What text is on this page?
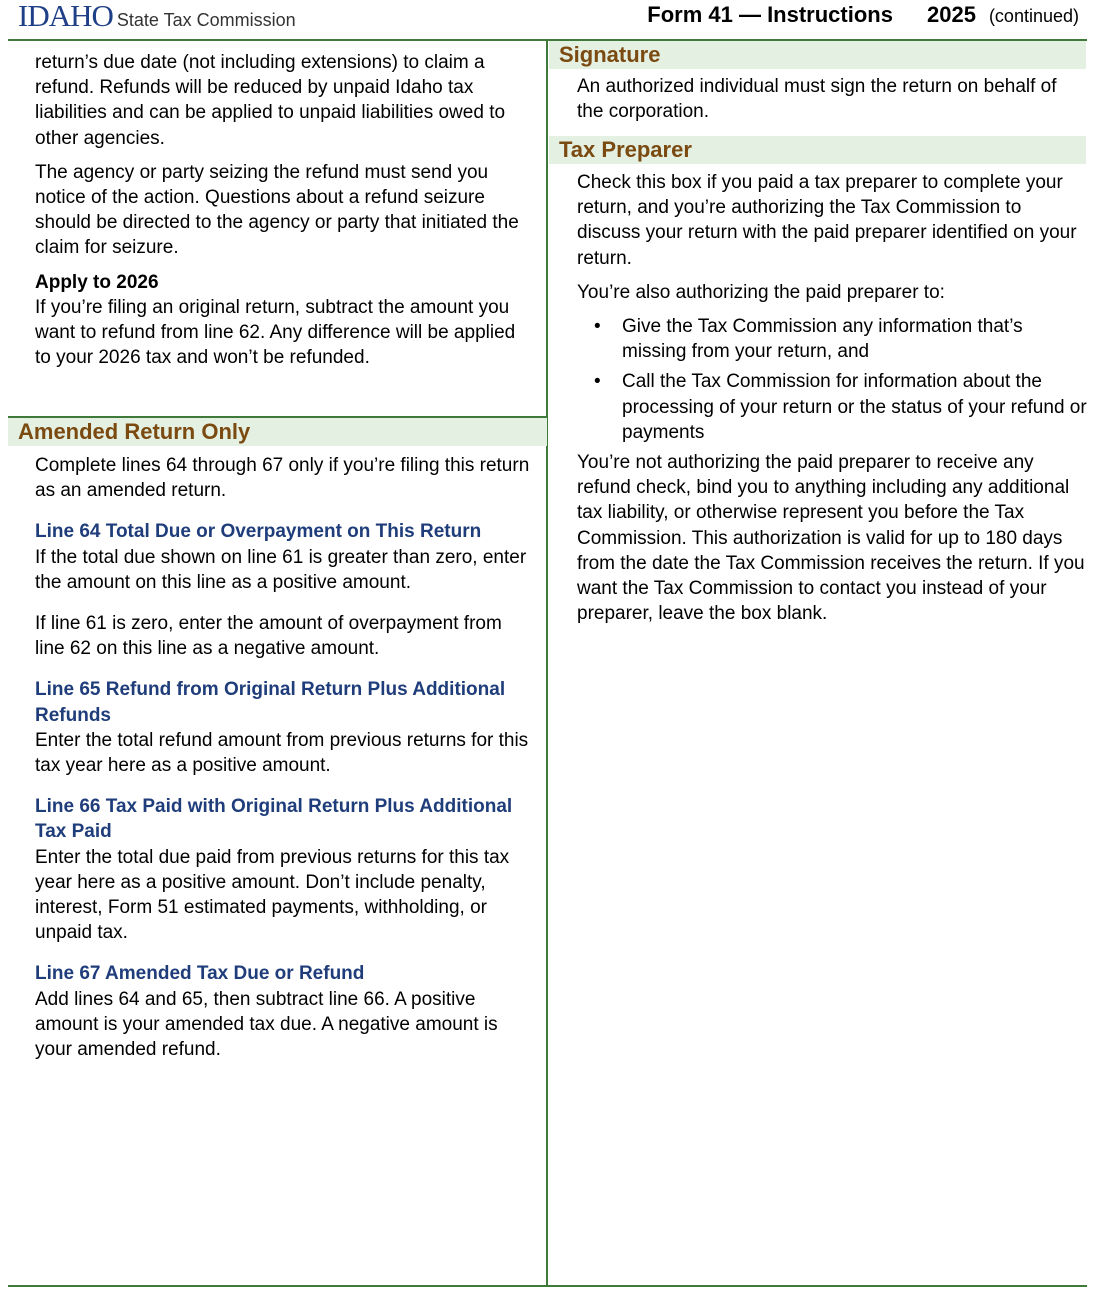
IDAHO State Tax Commission	Form 41 — Instructions 2025 (continued)

return’s due date (not including extensions) to claim a refund. Refunds will be reduced by unpaid Idaho tax liabilities and can be applied to unpaid liabilities owed to other agencies.

The agency or party seizing the refund must send you notice of the action. Questions about a refund seizure should be directed to the agency or party that initiated the claim for seizure.

Apply to 2026

If you’re filing an original return, subtract the amount you want to refund from line 62. Any difference will be applied to your 2026 tax and won’t be refunded.

Amended Return Only

Complete lines 64 through 67 only if you’re filing this return as an amended return.

Line 64 Total Due or Overpayment on This Return

If the total due shown on line 61 is greater than zero, enter the amount on this line as a positive amount.

If line 61 is zero, enter the amount of overpayment from line 62 on this line as a negative amount.

Line 65 Refund from Original Return Plus Additional Refunds

Enter the total refund amount from previous returns for this tax year here as a positive amount.

Line 66 Tax Paid with Original Return Plus Additional Tax Paid

Enter the total due paid from previous returns for this tax year here as a positive amount. Don’t include penalty, interest, Form 51 estimated payments, withholding, or unpaid tax.

Line 67 Amended Tax Due or Refund

Add lines 64 and 65, then subtract line 66. A positive amount is your amended tax due. A negative amount is your amended refund.

Signature

An authorized individual must sign the return on behalf of the corporation.

Tax Preparer

Check this box if you paid a tax preparer to complete your return, and you’re authorizing the Tax Commission to discuss your return with the paid preparer identified on your return.

You’re also authorizing the paid preparer to:

• Give the Tax Commission any information that’s missing from your return, and
• Call the Tax Commission for information about the processing of your return or the status of your refund or payments

You’re not authorizing the paid preparer to receive any refund check, bind you to anything including any additional tax liability, or otherwise represent you before the Tax Commission. This authorization is valid for up to 180 days from the date the Tax Commission receives the return. If you want the Tax Commission to contact you instead of your preparer, leave the box blank.
